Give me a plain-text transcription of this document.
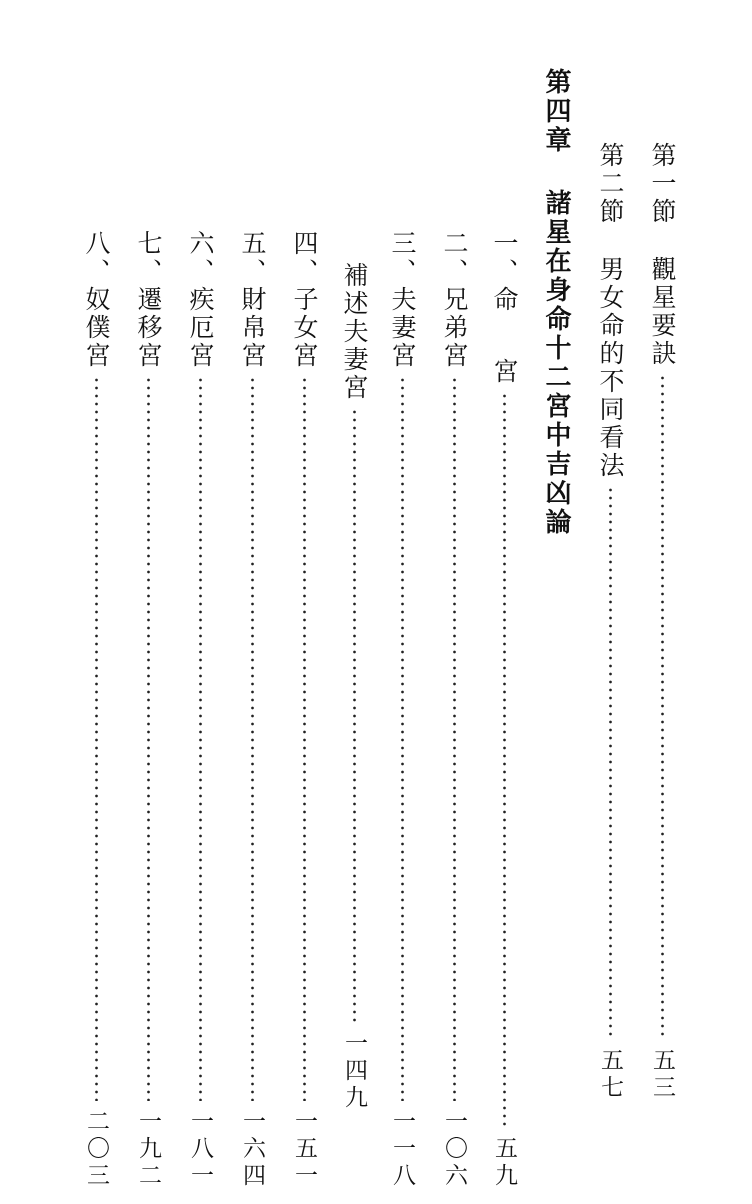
第一節觀星要訣
五三
第二節男女命的不同看法
五七
第四章諸星在身命十二宮中吉凶論
一、命宮
五九
二、兄弟宮
一〇六
三、夫妻宮
一一八
補述夫妻宮
一四九
四、子女宮
一五一
五、財帛宮
一六四
六、疾厄宮
一八一
七、遷移宮
一九二
八、奴僕宮
二〇三
